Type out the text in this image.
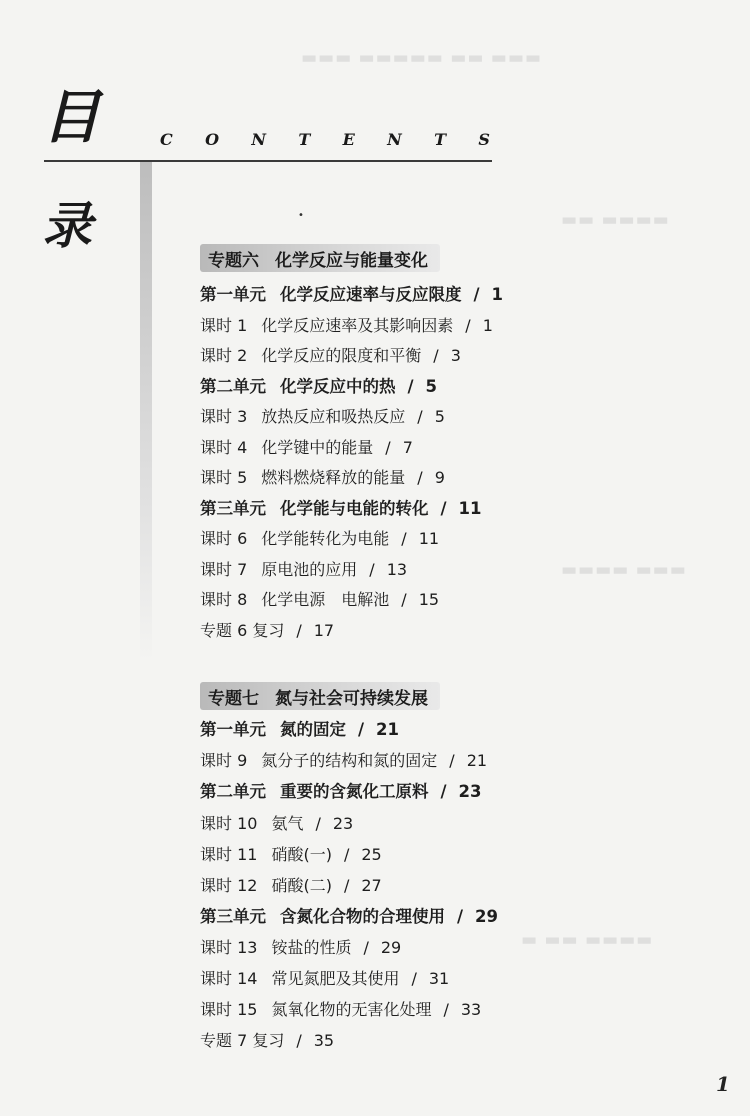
▬▬▬ ▬▬ ▬▬▬▬▬ ▬▬▬
▬▬▬▬ ▬▬
▬▬▬ ▬▬▬▬
▬▬▬▬ ▬▬ ▬
目
录
C O N T E N T S
•
专题六 化学反应与能量变化
第一单元 化学反应速率与反应限度 / 1
课时 1 化学反应速率及其影响因素 / 1
课时 2 化学反应的限度和平衡 / 3
第二单元 化学反应中的热 / 5
课时 3 放热反应和吸热反应 / 5
课时 4 化学键中的能量 / 7
课时 5 燃料燃烧释放的能量 / 9
第三单元 化学能与电能的转化 / 11
课时 6 化学能转化为电能 / 11
课时 7 原电池的应用 / 13
课时 8 化学电源　电解池 / 15
专题 6 复习 / 17
专题七 氮与社会可持续发展
第一单元 氮的固定 / 21
课时 9 氮分子的结构和氮的固定 / 21
第二单元 重要的含氮化工原料 / 23
课时 10 氨气 / 23
课时 11 硝酸(一) / 25
课时 12 硝酸(二) / 27
第三单元 含氮化合物的合理使用 / 29
课时 13 铵盐的性质 / 29
课时 14 常见氮肥及其使用 / 31
课时 15 氮氧化物的无害化处理 / 33
专题 7 复习 / 35
1
